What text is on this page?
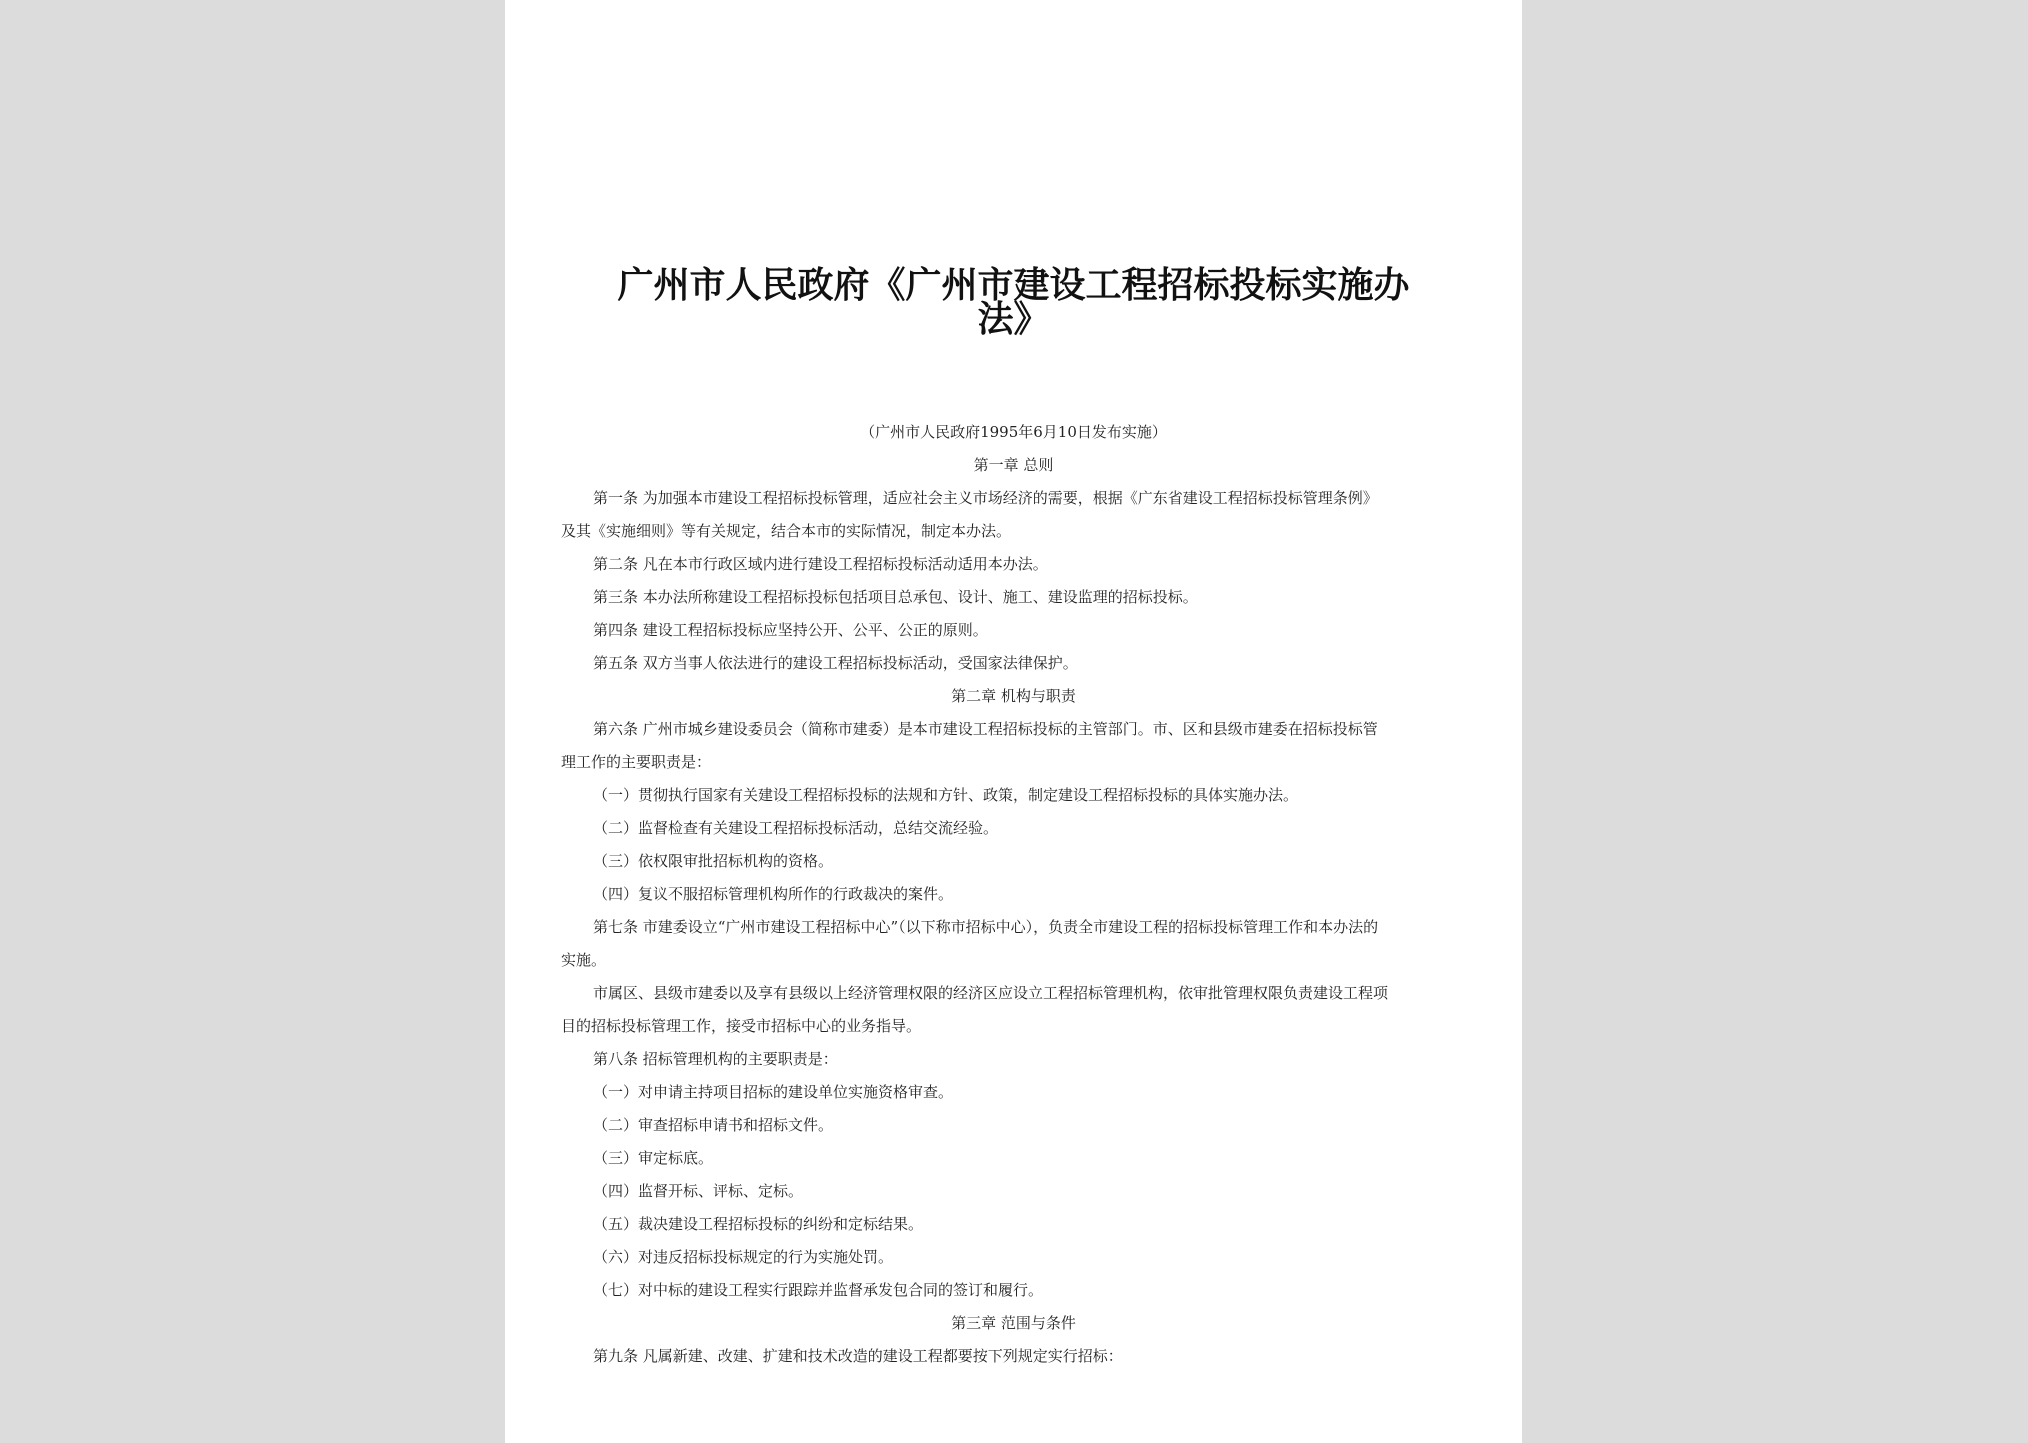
广州市人民政府《广州市建设工程招标投标实施办
法》
（广州市人民政府1995年6月10日发布实施）
第一章 总则
第一条 为加强本市建设工程招标投标管理，适应社会主义市场经济的需要，根据《广东省建设工程招标投标管理条例》
及其《实施细则》等有关规定，结合本市的实际情况，制定本办法。
第二条 凡在本市行政区域内进行建设工程招标投标活动适用本办法。
第三条 本办法所称建设工程招标投标包括项目总承包、设计、施工、建设监理的招标投标。
第四条 建设工程招标投标应坚持公开、公平、公正的原则。
第五条 双方当事人依法进行的建设工程招标投标活动，受国家法律保护。
第二章 机构与职责
第六条 广州市城乡建设委员会（简称市建委）是本市建设工程招标投标的主管部门。市、区和县级市建委在招标投标管
理工作的主要职责是：
（一）贯彻执行国家有关建设工程招标投标的法规和方针、政策，制定建设工程招标投标的具体实施办法。
（二）监督检查有关建设工程招标投标活动，总结交流经验。
（三）依权限审批招标机构的资格。
（四）复议不服招标管理机构所作的行政裁决的案件。
第七条 市建委设立“广州市建设工程招标中心”（以下称市招标中心），负责全市建设工程的招标投标管理工作和本办法的
实施。
市属区、县级市建委以及享有县级以上经济管理权限的经济区应设立工程招标管理机构，依审批管理权限负责建设工程项
目的招标投标管理工作，接受市招标中心的业务指导。
第八条 招标管理机构的主要职责是：
（一）对申请主持项目招标的建设单位实施资格审查。
（二）审查招标申请书和招标文件。
（三）审定标底。
（四）监督开标、评标、定标。
（五）裁决建设工程招标投标的纠纷和定标结果。
（六）对违反招标投标规定的行为实施处罚。
（七）对中标的建设工程实行跟踪并监督承发包合同的签订和履行。
第三章 范围与条件
第九条 凡属新建、改建、扩建和技术改造的建设工程都要按下列规定实行招标：
